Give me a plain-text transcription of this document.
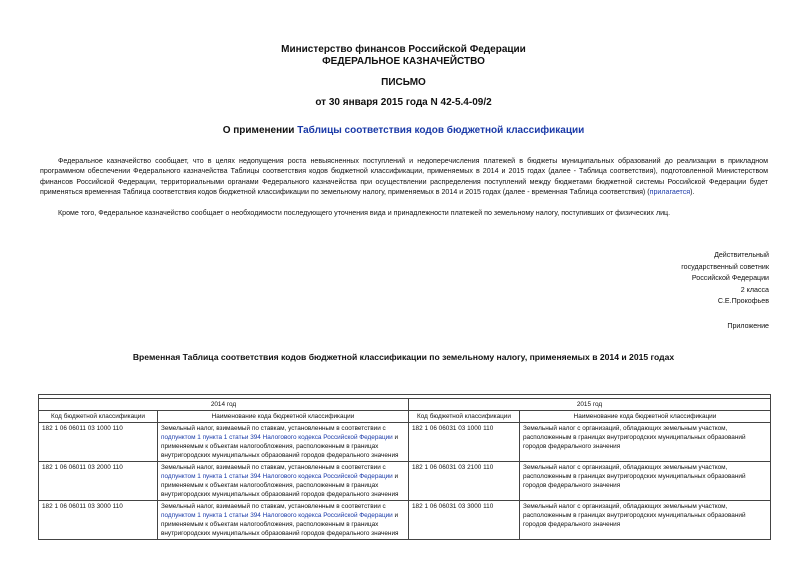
Министерство финансов Российской Федерации
ФЕДЕРАЛЬНОЕ КАЗНАЧЕЙСТВО
ПИСЬМО
от 30 января 2015 года N 42-5.4-09/2
О применении Таблицы соответствия кодов бюджетной классификации
Федеральное казначейство сообщает, что в целях недопущения роста невыясненных поступлений и недоперечисления платежей в бюджеты муниципальных образований до реализации в прикладном программном обеспечении Федерального казначейства Таблицы соответствия кодов бюджетной классификации, применяемых в 2014 и 2015 годах (далее - Таблица соответствия), подготовленной Министерством финансов Российской Федерации, территориальными органами Федерального казначейства при осуществлении распределения поступлений между бюджетами бюджетной системы Российской Федерации будет применяться временная Таблица соответствия кодов бюджетной классификации по земельному налогу, применяемых в 2014 и 2015 годах (далее - временная Таблица соответствия) (прилагается).
Кроме того, Федеральное казначейство сообщает о необходимости последующего уточнения вида и принадлежности платежей по земельному налогу, поступивших от физических лиц.
Действительный
государственный советник
Российской Федерации
2 класса
С.Е.Прокофьев
Приложение
Временная Таблица соответствия кодов бюджетной классификации по земельному налогу, применяемых в 2014 и 2015 годах

2014 год		2015 год	
Код бюджетной классификации	Наименование кода бюджетной классификации	Код бюджетной классификации	Наименование кода бюджетной классификации
182 1 06 06011 03 1000 110	Земельный налог, взимаемый по ставкам, установленным в соответствии с подпунктом 1 пункта 1 статьи 394 Налогового кодекса Российской Федерации и применяемым к объектам налогообложения, расположенным в границах внутригородских муниципальных образований городов федерального значения	182 1 06 06031 03 1000 110	Земельный налог с организаций, обладающих земельным участком, расположенным в границах внутригородских муниципальных образований городов федерального значения
182 1 06 06011 03 2000 110	Земельный налог, взимаемый по ставкам, установленным в соответствии с подпунктом 1 пункта 1 статьи 394 Налогового кодекса Российской Федерации и применяемым к объектам налогообложения, расположенным в границах внутригородских муниципальных образований городов федерального значения	182 1 06 06031 03 2100 110	Земельный налог с организаций, обладающих земельным участком, расположенным в границах внутригородских муниципальных образований городов федерального значения
182 1 06 06011 03 3000 110	Земельный налог, взимаемый по ставкам, установленным в соответствии с подпунктом 1 пункта 1 статьи 394 Налогового кодекса Российской Федерации и применяемым к объектам налогообложения, расположенным в границах внутригородских муниципальных образований городов федерального значения	182 1 06 06031 03 3000 110	Земельный налог с организаций, обладающих земельным участком, расположенным в границах внутригородских муниципальных образований городов федерального значения
